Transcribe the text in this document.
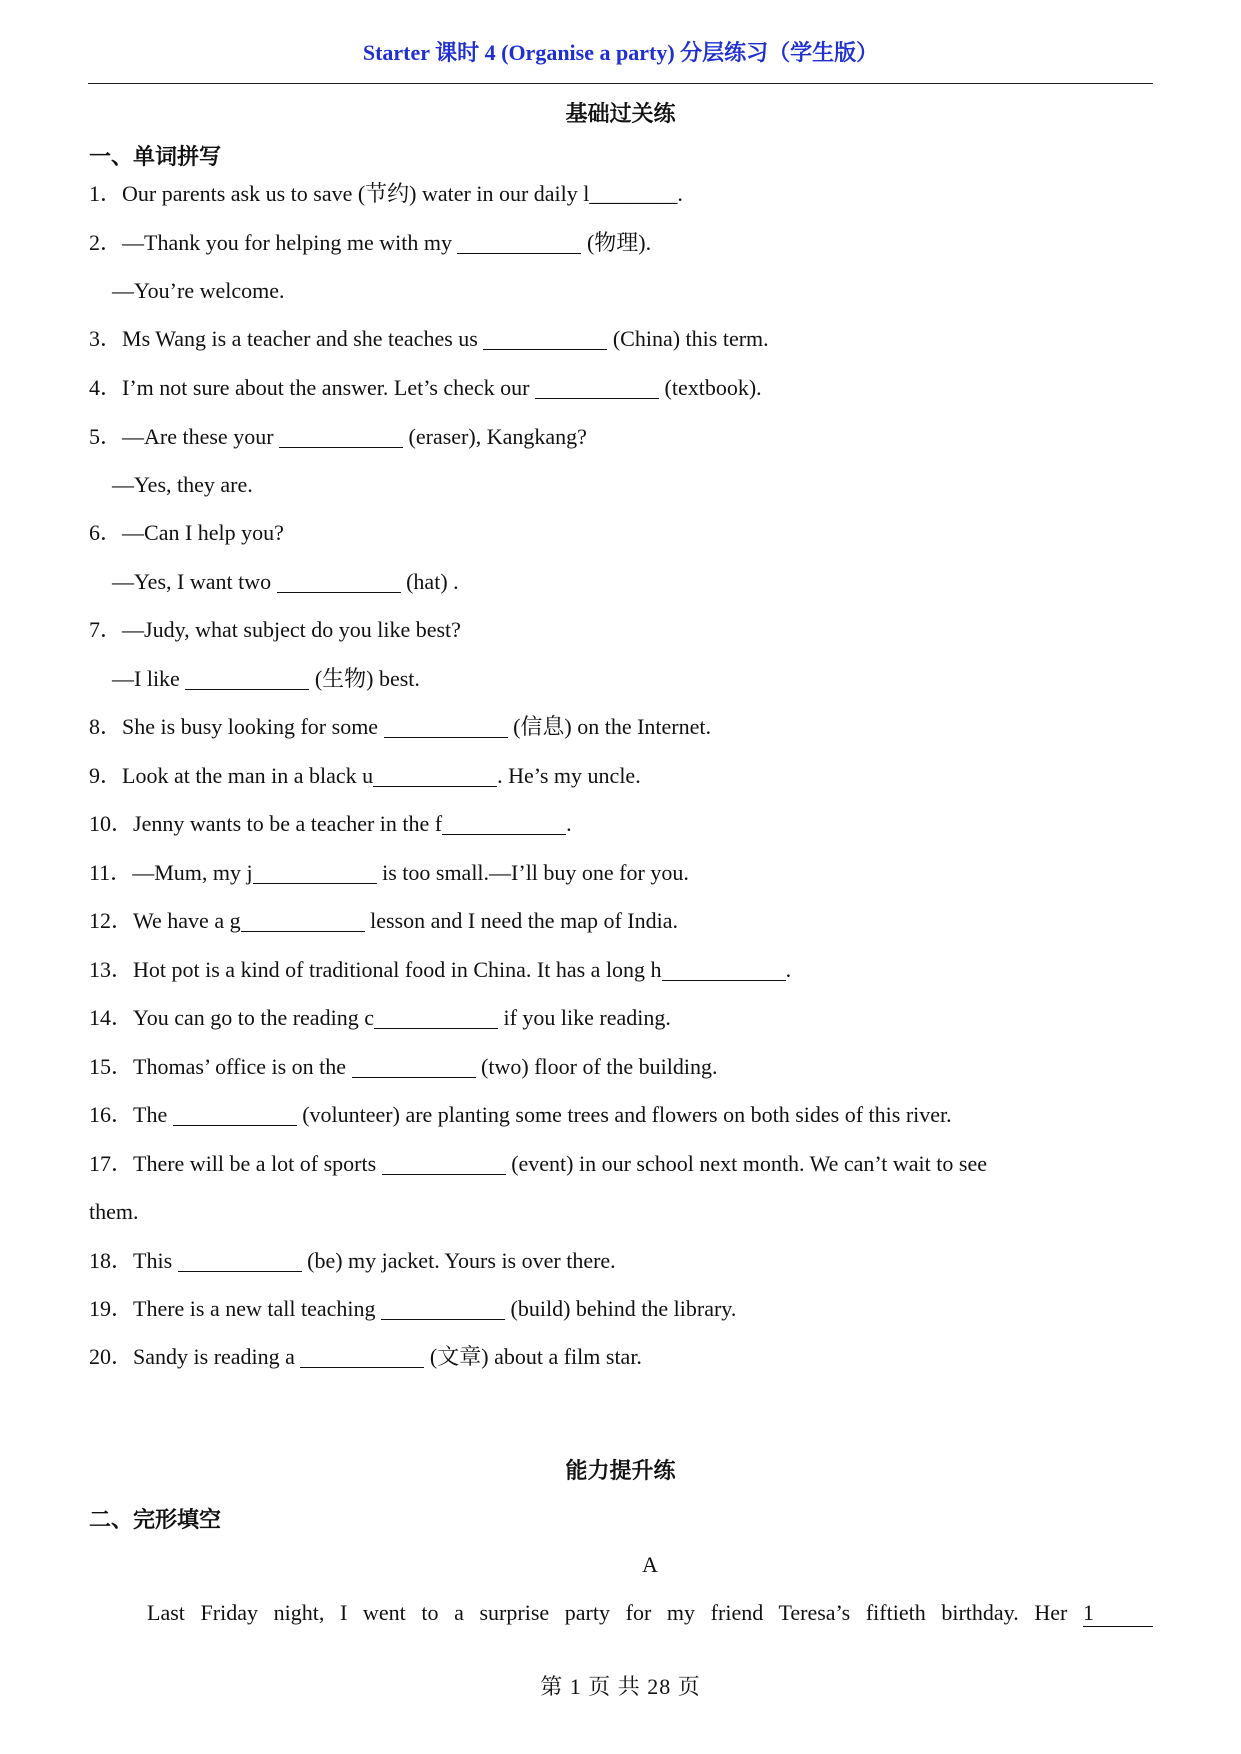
Starter 课时 4 (Organise a party) 分层练习（学生版）
基础过关练
一、单词拼写
1．Our parents ask us to save (节约) water in our daily l________.
2．—Thank you for helping me with my	(物理).
—You’re welcome.
3．Ms Wang is a teacher and she teaches us	(China) this term.
4．I’m not sure about the answer. Let’s check our	(textbook).
5．—Are these your	(eraser), Kangkang?
—Yes, they are.
6．—Can I help you?
—Yes, I want two	(hat) .
7．—Judy, what subject do you like best?
—I like	(生物) best.
8．She is busy looking for some	(信息) on the Internet.
9．Look at the man in a black u	. He’s my uncle.
10．Jenny wants to be a teacher in the f	.
11．—Mum, my j	is too small.—I’ll buy one for you.
12．We have a g	lesson and I need the map of India.
13．Hot pot is a kind of traditional food in China. It has a long h	.
14．You can go to the reading c	if you like reading.
15．Thomas’ office is on the	(two) floor of the building.
16．The	(volunteer) are planting some trees and flowers on both sides of this river.
17．There will be a lot of sports	(event) in our school next month. We can’t wait to see
them.
18．This	(be) my jacket. Yours is over there.
19．There is a new tall teaching	(build) behind the library.
20．Sandy is reading a	(文章) about a film star.
能力提升练
二、完形填空
A
Last Friday night, I went to a surprise party for my friend Teresa’s fiftieth birthday. Her 1
第 1 页 共 28 页
